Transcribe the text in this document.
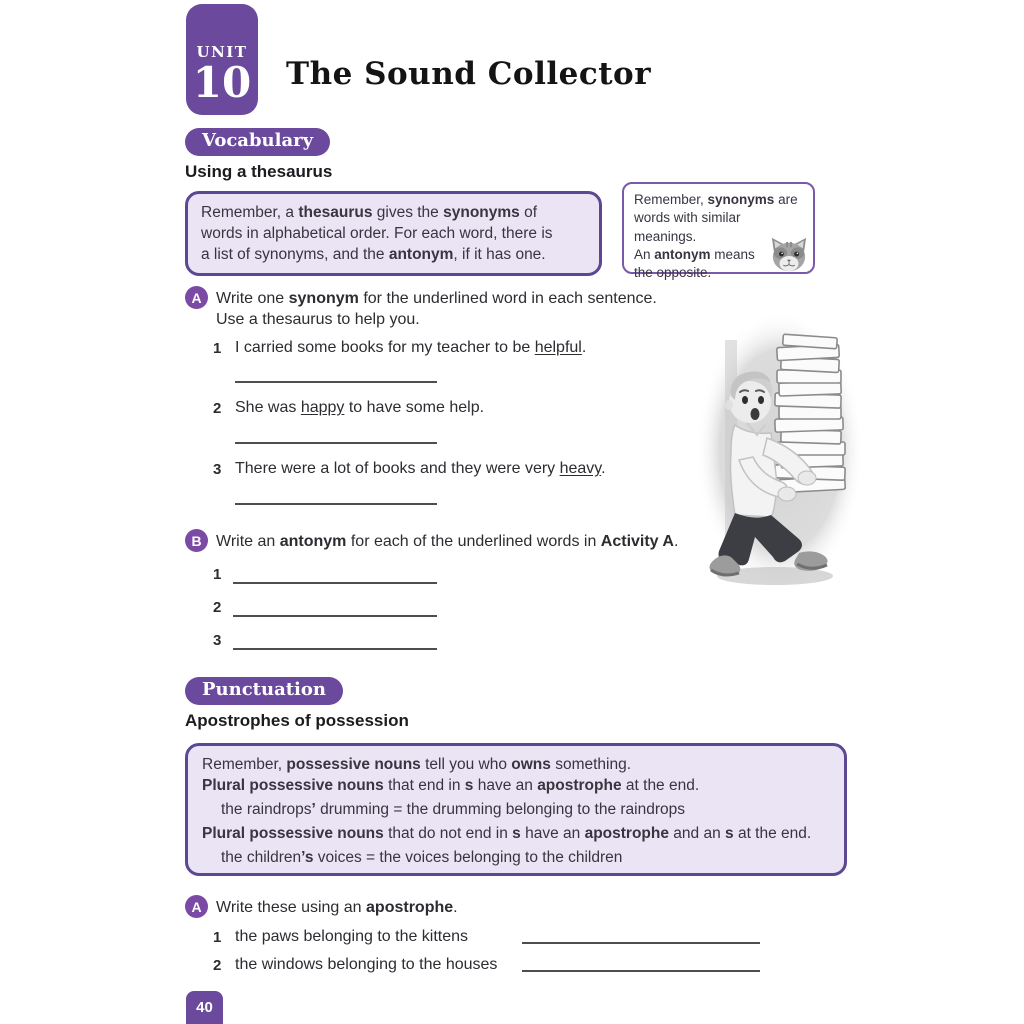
UNIT
10 The Sound Collector
Vocabulary
Using a thesaurus
Remember, a thesaurus gives the synonyms of
words in alphabetical order. For each word, there is
a list of synonyms, and the antonym, if it has one.
Remember, synonyms are
words with similar meanings.
An antonym means
the opposite.
A Write one synonym for the underlined word in each sentence.
Use a thesaurus to help you.
1 I carried some books for my teacher to be helpful.
2 She was happy to have some help.
3 There were a lot of books and they were very heavy.
B Write an antonym for each of the underlined words in Activity A.
1
2
3
Punctuation
Apostrophes of possession
Remember, possessive nouns tell you who owns something.
Plural possessive nouns that end in s have an apostrophe at the end.
the raindrops’ drumming = the drumming belonging to the raindrops
Plural possessive nouns that do not end in s have an apostrophe and an s at the end.
the children’s voices = the voices belonging to the children
A Write these using an apostrophe.
1 the paws belonging to the kittens
2 the windows belonging to the houses
40
